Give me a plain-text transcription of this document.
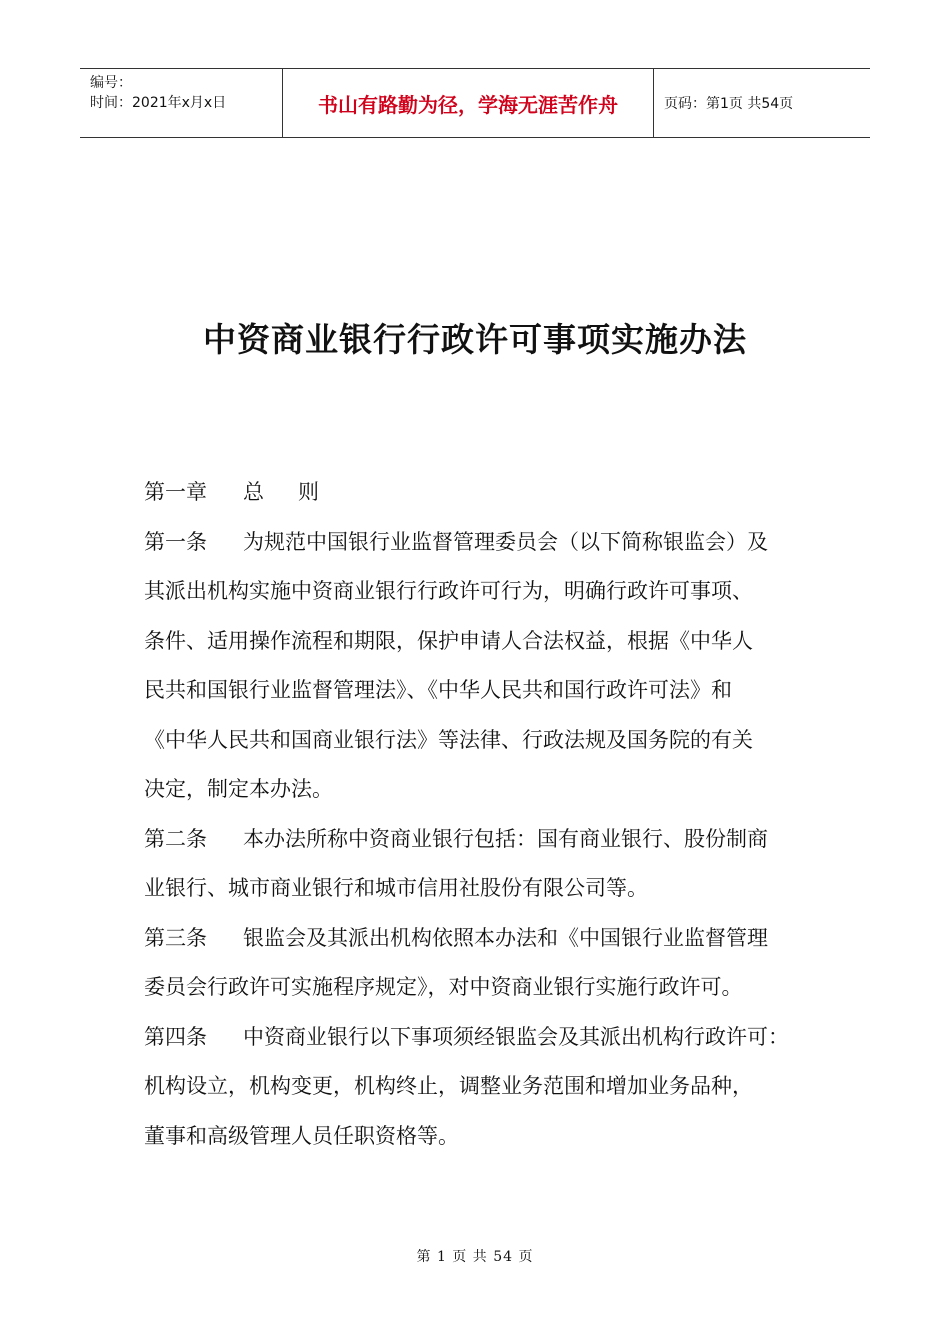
编号：
时间：2021年x月x日	书山有路勤为径，学海无涯苦作舟	页码：第1页 共54页
中资商业银行行政许可事项实施办法

第一章 总 则

第一条 为规范中国银行业监督管理委员会（以下简称银监会）及

其派出机构实施中资商业银行行政许可行为，明确行政许可事项、

条件、适用操作流程和期限，保护申请人合法权益，根据《中华人

民共和国银行业监督管理法》、《中华人民共和国行政许可法》和

《中华人民共和国商业银行法》等法律、行政法规及国务院的有关

决定，制定本办法。

第二条 本办法所称中资商业银行包括：国有商业银行、股份制商

业银行、城市商业银行和城市信用社股份有限公司等。

第三条 银监会及其派出机构依照本办法和《中国银行业监督管理

委员会行政许可实施程序规定》，对中资商业银行实施行政许可。

第四条 中资商业银行以下事项须经银监会及其派出机构行政许可：

机构设立，机构变更，机构终止，调整业务范围和增加业务品种，

董事和高级管理人员任职资格等。

第 1 页 共 54 页
